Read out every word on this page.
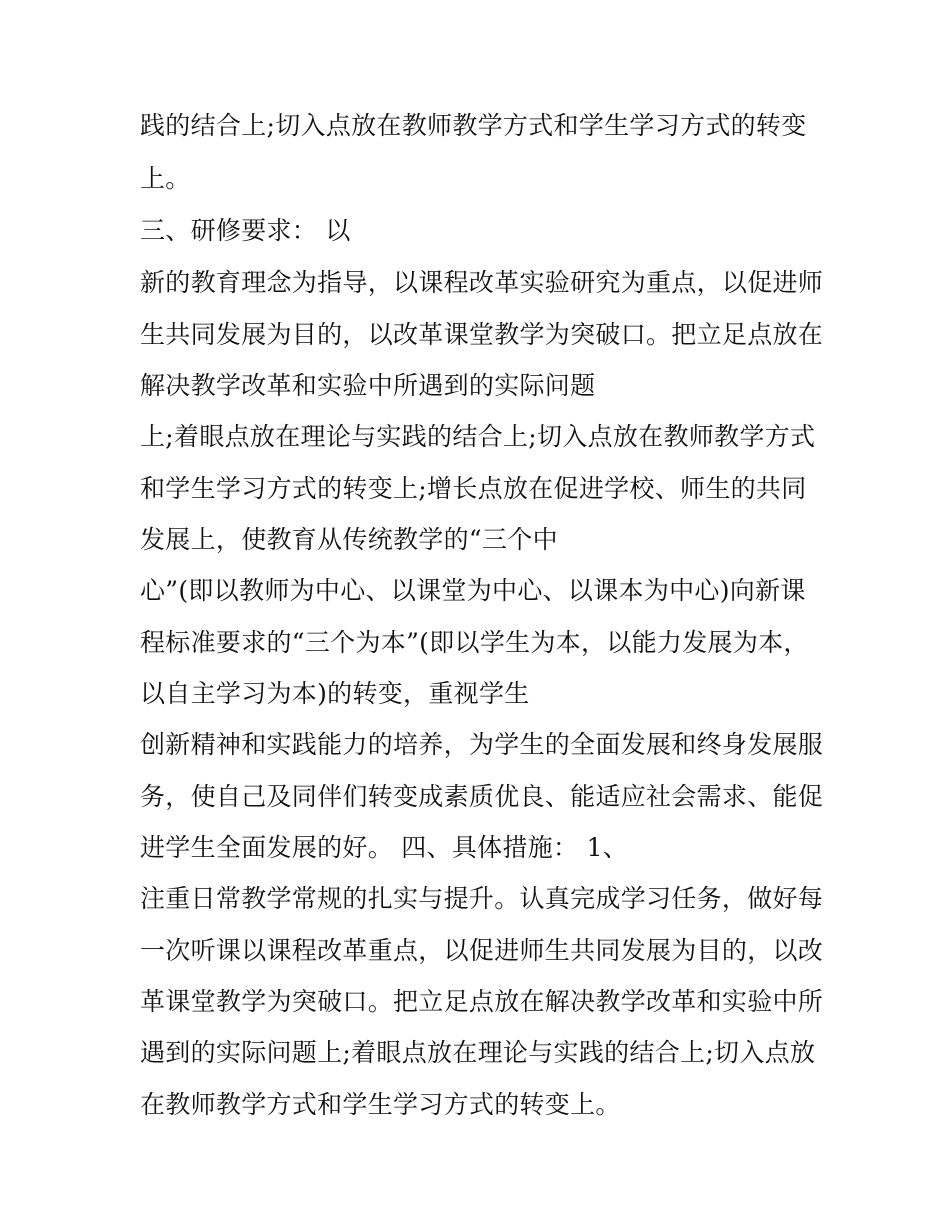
践的结合上;切入点放在教师教学方式和学生学习方式的转变
上。
三、研修要求： 以
新的教育理念为指导，以课程改革实验研究为重点，以促进师
生共同发展为目的，以改革课堂教学为突破口。把立足点放在
解决教学改革和实验中所遇到的实际问题
上;着眼点放在理论与实践的结合上;切入点放在教师教学方式
和学生学习方式的转变上;增长点放在促进学校、师生的共同
发展上，使教育从传统教学的“三个中
心”(即以教师为中心、以课堂为中心、以课本为中心)向新课
程标准要求的“三个为本”(即以学生为本，以能力发展为本，
以自主学习为本)的转变，重视学生
创新精神和实践能力的培养，为学生的全面发展和终身发展服
务，使自己及同伴们转变成素质优良、能适应社会需求、能促
进学生全面发展的好。 四、具体措施： 1、
注重日常教学常规的扎实与提升。认真完成学习任务，做好每
一次听课以课程改革重点，以促进师生共同发展为目的，以改
革课堂教学为突破口。把立足点放在解决教学改革和实验中所
遇到的实际问题上;着眼点放在理论与实践的结合上;切入点放
在教师教学方式和学生学习方式的转变上。
